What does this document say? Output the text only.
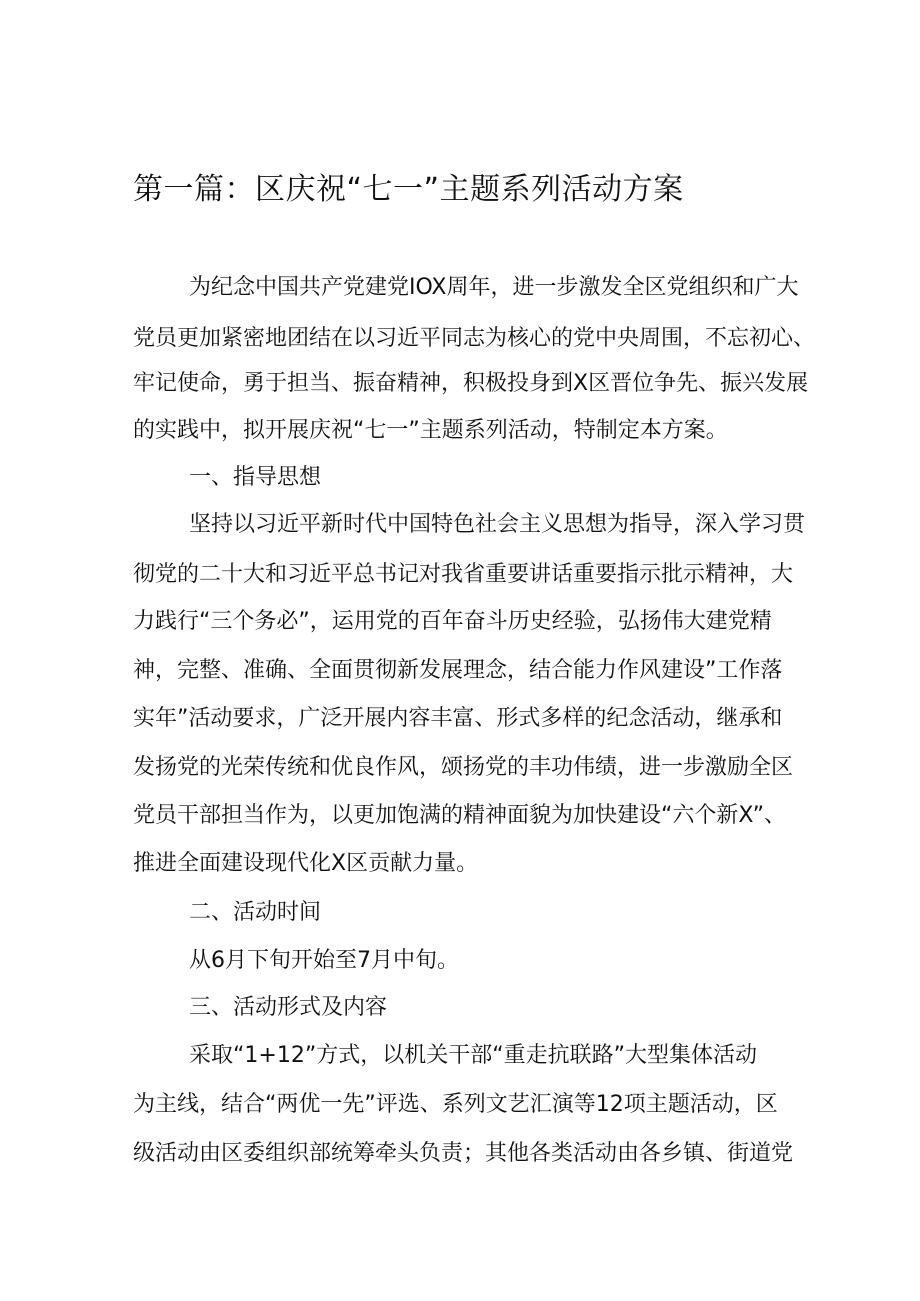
第一篇：区庆祝“七一”主题系列活动方案
为纪念中国共产党建党IOX周年，进一步激发全区党组织和广大
党员更加紧密地团结在以习近平同志为核心的党中央周围，不忘初心、
牢记使命，勇于担当、振奋精神，积极投身到X区晋位争先、振兴发展
的实践中，拟开展庆祝“七一”主题系列活动，特制定本方案。
一、指导思想
坚持以习近平新时代中国特色社会主义思想为指导，深入学习贯
彻党的二十大和习近平总书记对我省重要讲话重要指示批示精神，大
力践行“三个务必”，运用党的百年奋斗历史经验，弘扬伟大建党精
神，完整、准确、全面贯彻新发展理念，结合能力作风建设”工作落
实年”活动要求，广泛开展内容丰富、形式多样的纪念活动，继承和
发扬党的光荣传统和优良作风，颂扬党的丰功伟绩，进一步激励全区
党员干部担当作为，以更加饱满的精神面貌为加快建设“六个新X”、
推进全面建设现代化X区贡献力量。
二、活动时间
从6月下旬开始至7月中旬。
三、活动形式及内容
采取“1+12”方式，以机关干部“重走抗联路”大型集体活动
为主线，结合“两优一先”评选、系列文艺汇演等12项主题活动，区
级活动由区委组织部统筹牵头负责；其他各类活动由各乡镇、街道党
